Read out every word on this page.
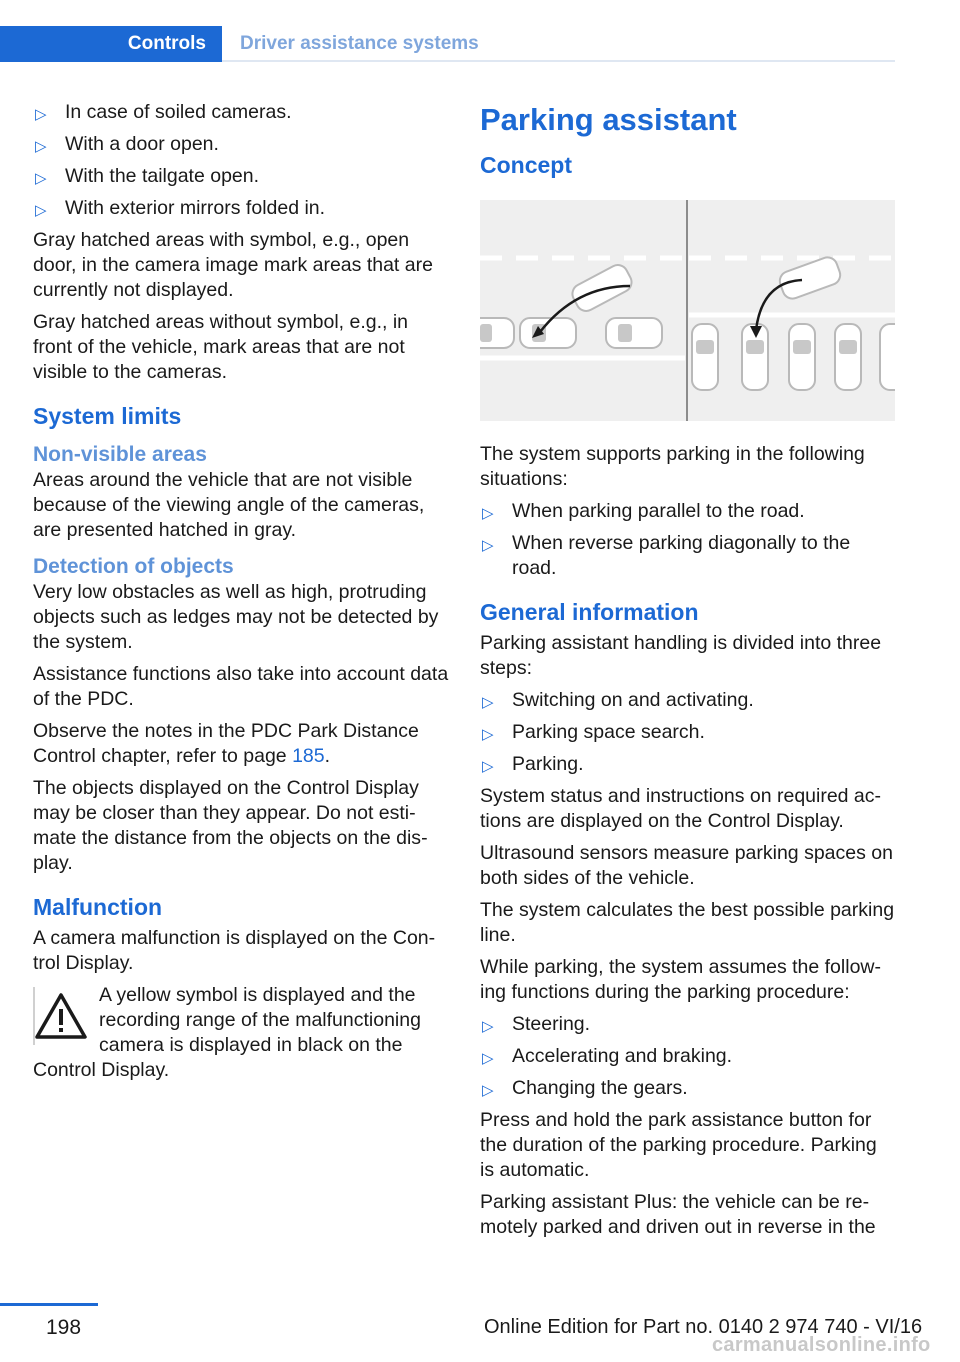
Controls	Driver assistance systems
▷ In case of soiled cameras.
▷ With a door open.
▷ With the tailgate open.
▷ With exterior mirrors folded in.

Gray hatched areas with symbol, e.g., open door, in the camera image mark areas that are currently not displayed.

Gray hatched areas without symbol, e.g., in front of the vehicle, mark areas that are not visible to the cameras.

System limits
Non-visible areas

Areas around the vehicle that are not visible because of the viewing angle of the cameras, are presented hatched in gray.

Detection of objects

Very low obstacles as well as high, protruding objects such as ledges may not be detected by the system.

Assistance functions also take into account data of the PDC.

Observe the notes in the PDC Park Distance Control chapter, refer to page 185.

The objects displayed on the Control Display may be closer than they appear. Do not estimate the distance from the objects on the display.

Malfunction

A camera malfunction is displayed on the Control Display.

A yellow symbol is displayed and the recording range of the malfunctioning camera is displayed in black on the
Control Display.
Parking assistant
Concept

The system supports parking in the following situations:

▷ When parking parallel to the road.
▷ When reverse parking diagonally to the road.
General information

Parking assistant handling is divided into three steps:

▷ Switching on and activating.
▷ Parking space search.
▷ Parking.

System status and instructions on required actions are displayed on the Control Display.

Ultrasound sensors measure parking spaces on both sides of the vehicle.

The system calculates the best possible parking line.

While parking, the system assumes the following functions during the parking procedure:

▷ Steering.
▷ Accelerating and braking.
▷ Changing the gears.

Press and hold the park assistance button for the duration of the parking procedure. Parking is automatic.

Parking assistant Plus: the vehicle can be remotely parked and driven out in reverse in the

198	Online Edition for Part no. 0140 2 974 740 - VI/16
carmanualsonline.info
